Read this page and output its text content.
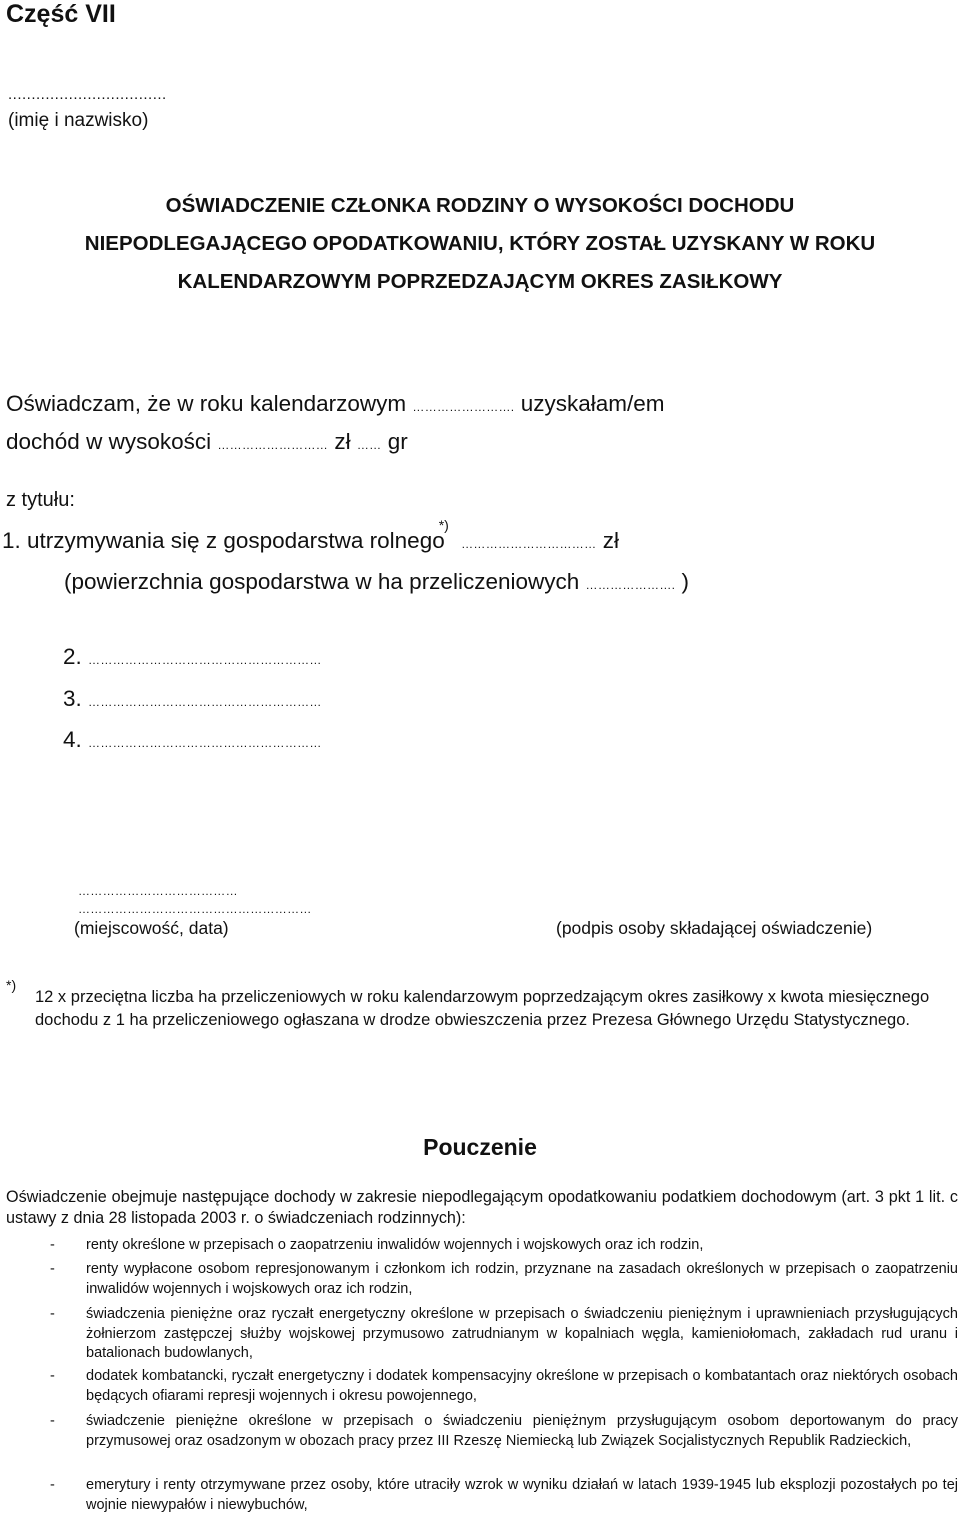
Część VII
..................................
(imię i nazwisko)
OŚWIADCZENIE CZŁONKA RODZINY O WYSOKOŚCI DOCHODU
NIEPODLEGAJĄCEGO OPODATKOWANIU, KTÓRY ZOSTAŁ UZYSKANY W ROKU
KALENDARZOWYM POPRZEDZAJĄCYM OKRES ZASIŁKOWY
Oświadczam, że w roku kalendarzowym ……………………. uzyskałam/em
dochód w wysokości ……………………… zł …… gr
z tytułu:
1. utrzymywania się z gospodarstwa rolnego*) …………………………… zł
(powierzchnia gospodarstwa w ha przeliczeniowych …………………. )
2. …………………………………………………
3. …………………………………………………
4. …………………………………………………
…………………………………
…………………………………………………
(miejscowość, data)	(podpis osoby składającej oświadczenie)
*)
12 x przeciętna liczba ha przeliczeniowych w roku kalendarzowym poprzedzającym okres zasiłkowy x kwota miesięcznego dochodu z 1 ha przeliczeniowego ogłaszana w drodze obwieszczenia przez Prezesa Głównego Urzędu Statystycznego.
Pouczenie
Oświadczenie obejmuje następujące dochody w zakresie niepodlegającym opodatkowaniu podatkiem dochodowym (art. 3 pkt 1 lit. c ustawy z dnia 28 listopada 2003 r. o świadczeniach rodzinnych):
- renty określone w przepisach o zaopatrzeniu inwalidów wojennych i wojskowych oraz ich rodzin,
- renty wypłacone osobom represjonowanym i członkom ich rodzin, przyznane na zasadach określonych w przepisach o zaopatrzeniu inwalidów wojennych i wojskowych oraz ich rodzin,
- świadczenia pieniężne oraz ryczałt energetyczny określone w przepisach o świadczeniu pieniężnym i uprawnieniach przysługujących żołnierzom zastępczej służby wojskowej przymusowo zatrudnianym w kopalniach węgla, kamieniołomach, zakładach rud uranu i batalionach budowlanych,
- dodatek kombatancki, ryczałt energetyczny i dodatek kompensacyjny określone w przepisach o kombatantach oraz niektórych osobach będących ofiarami represji wojennych i okresu powojennego,
- świadczenie pieniężne określone w przepisach o świadczeniu pieniężnym przysługującym osobom deportowanym do pracy przymusowej oraz osadzonym w obozach pracy przez III Rzeszę Niemiecką lub Związek Socjalistycznych Republik Radzieckich,
- emerytury i renty otrzymywane przez osoby, które utraciły wzrok w wyniku działań w latach 1939-1945 lub eksplozji pozostałych po tej wojnie niewypałów i niewybuchów,
